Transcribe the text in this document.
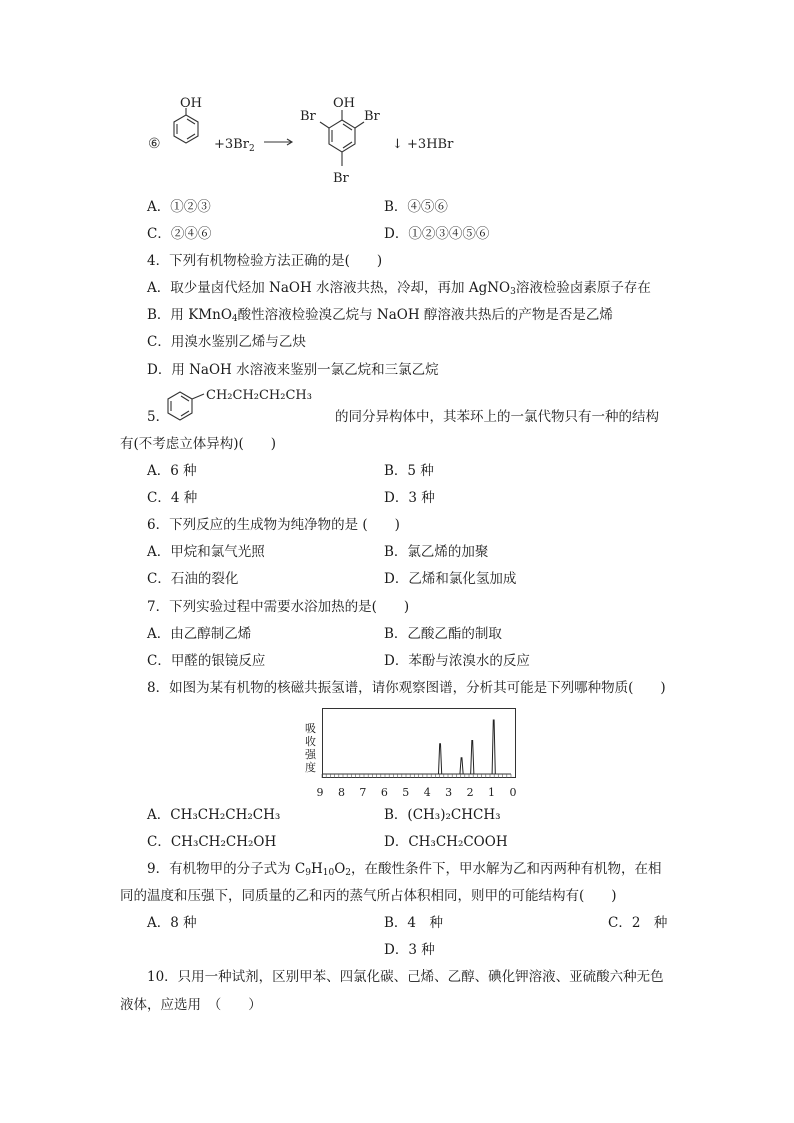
⑥
OH
$+3Br_2$
OH
Br	Br
Br
↓ +3HBr
A．①②③	B．④⑤⑥
C．②④⑥	D．①②③④⑤⑥
4．下列有机物检验方法正确的是(　　)
A．取少量卤代烃加 NaOH 水溶液共热，冷却，再加 AgNO$_3$溶液检验卤素原子存在
B．用 KMnO$_4$酸性溶液检验溴乙烷与 NaOH 醇溶液共热后的产物是否是乙烯
C．用溴水鉴别乙烯与乙炔
D．用 NaOH 水溶液来鉴别一氯乙烷和三氯乙烷
CH₂CH₂CH₂CH₃
5．	的同分异构体中，其苯环上的一氯代物只有一种的结构
有(不考虑立体异构)(　　)
A．6 种	B．5 种
C．4 种	D．3 种
6．下列反应的生成物为纯净物的是 (　　)
A．甲烷和氯气光照	B．氯乙烯的加聚
C．石油的裂化	D．乙烯和氯化氢加成
7．下列实验过程中需要水浴加热的是(　　)
A．由乙醇制乙烯	B．乙酸乙酯的制取
C．甲醛的银镜反应	D．苯酚与浓溴水的反应
8．如图为某有机物的核磁共振氢谱，请你观察图谱，分析其可能是下列哪种物质(　　)
吸
收
强
度
9 8 7 6 5 4 3 2 1 0
A．CH₃CH₂CH₂CH₃	B．(CH₃)₂CHCH₃
C．CH₃CH₂CH₂OH	D．CH₃CH₂COOH
9．有机物甲的分子式为 $C_9H_{10}O_2$，在酸性条件下，甲水解为乙和丙两种有机物，在相
同的温度和压强下，同质量的乙和丙的蒸气所占体积相同，则甲的可能结构有(　　)
A．8 种	B．4　种	C．2　种
D．3 种
10．只用一种试剂，区别甲苯、四氯化碳、己烯、乙醇、碘化钾溶液、亚硫酸六种无色
液体，应选用　（　　）
